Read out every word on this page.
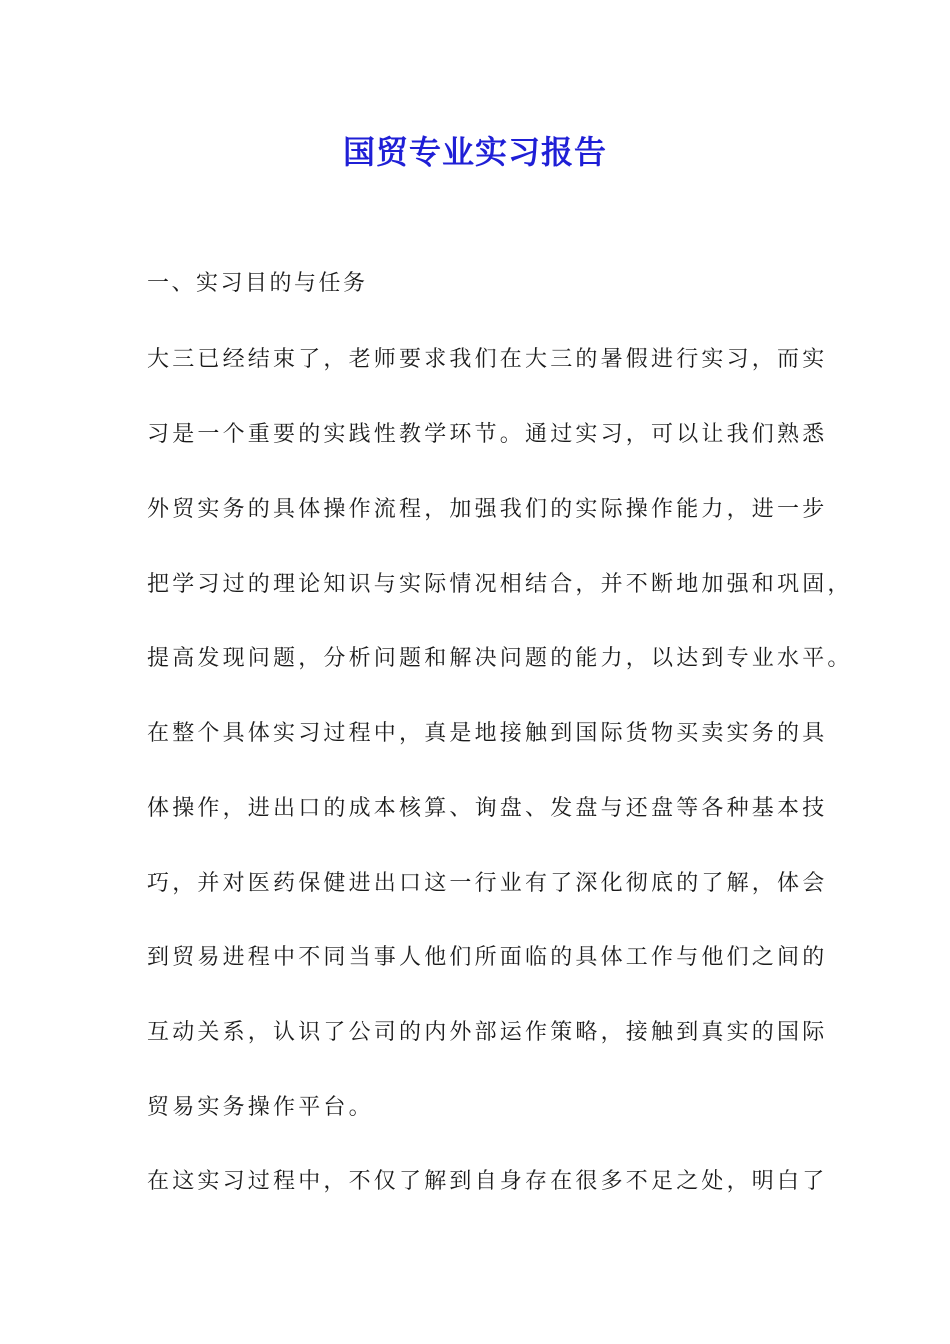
国贸专业实习报告
一、实习目的与任务
大三已经结束了，老师要求我们在大三的暑假进行实习，而实
习是一个重要的实践性教学环节。通过实习，可以让我们熟悉
外贸实务的具体操作流程，加强我们的实际操作能力，进一步
把学习过的理论知识与实际情况相结合，并不断地加强和巩固，
提高发现问题，分析问题和解决问题的能力，以达到专业水平。
在整个具体实习过程中，真是地接触到国际货物买卖实务的具
体操作，进出口的成本核算、询盘、发盘与还盘等各种基本技
巧，并对医药保健进出口这一行业有了深化彻底的了解，体会
到贸易进程中不同当事人他们所面临的具体工作与他们之间的
互动关系，认识了公司的内外部运作策略，接触到真实的国际
贸易实务操作平台。
在这实习过程中，不仅了解到自身存在很多不足之处，明白了
